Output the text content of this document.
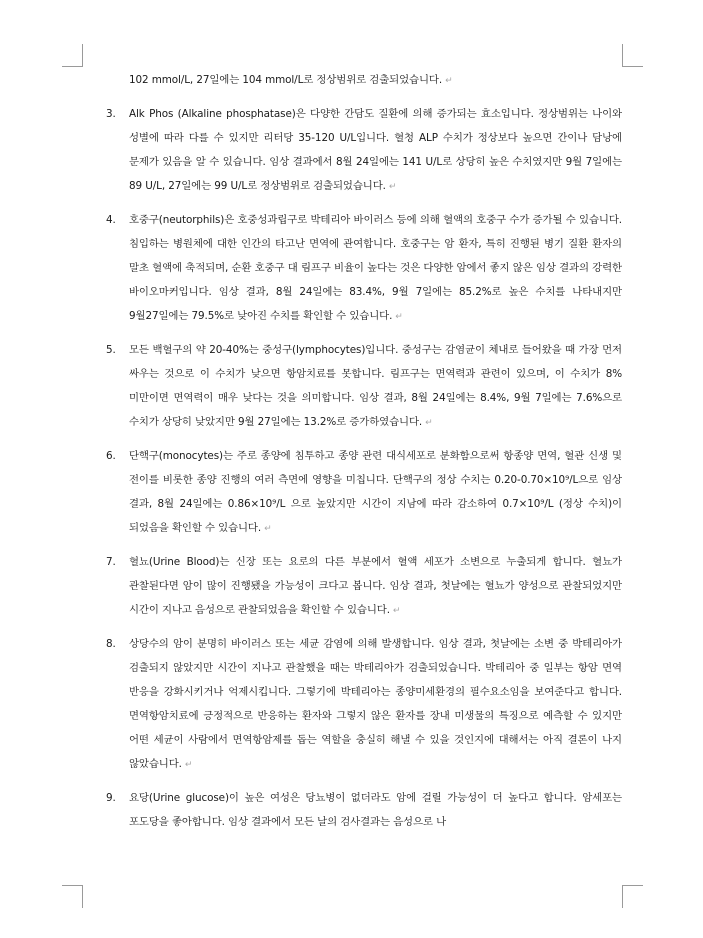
102 mmol/L, 27일에는 104 mmol/L로 정상범위로 검출되었습니다. ↵
3.	Alk Phos (Alkaline phosphatase)은 다양한 간담도 질환에 의해 증가되는 효소입니다. 정상범위는 나이와 성별에 따라 다를 수 있지만 리터당 35-120 U/L입니다. 혈청 ALP 수치가 정상보다 높으면 간이나 담낭에 문제가 있음을 알 수 있습니다. 임상 결과에서 8월 24일에는 141 U/L로 상당히 높은 수치였지만 9월 7일에는 89 U/L, 27일에는 99 U/L로 정상범위로 검출되었습니다. ↵
4.	호중구(neutorphils)은 호중성과립구로 박테리아 바이러스 등에 의해 혈액의 호중구 수가 증가될 수 있습니다. 침입하는 병원체에 대한 인간의 타고난 면역에 관여합니다. 호중구는 암 환자, 특히 진행된 병기 질환 환자의 말초 혈액에 축적되며, 순환 호중구 대 림프구 비율이 높다는 것은 다양한 암에서 좋지 않은 임상 결과의 강력한 바이오마커입니다. 임상 결과, 8월 24일에는 83.4%, 9월 7일에는 85.2%로 높은 수치를 나타내지만 9월27일에는 79.5%로 낮아진 수치를 확인할 수 있습니다. ↵
5.	모든 백혈구의 약 20-40%는 중성구(lymphocytes)입니다. 중성구는 감염균이 체내로 들어왔을 때 가장 먼저 싸우는 것으로 이 수치가 낮으면 항암치료를 못합니다. 림프구는 면역력과 관련이 있으며, 이 수치가 8% 미만이면 면역력이 매우 낮다는 것을 의미합니다. 임상 결과, 8월 24일에는 8.4%, 9월 7일에는 7.6%으로 수치가 상당히 낮았지만 9월 27일에는 13.2%로 증가하였습니다. ↵
6.	단핵구(monocytes)는 주로 종양에 침투하고 종양 관련 대식세포로 분화함으로써 항종양 면역, 혈관 신생 및 전이를 비롯한 종양 진행의 여러 측면에 영향을 미칩니다. 단핵구의 정상 수치는 0.20-0.70×10⁹/L으로 임상 결과, 8월 24일에는 0.86×10⁹/L 으로 높았지만 시간이 지남에 따라 감소하여 0.7×10⁹/L (정상 수치)이 되었음을 확인할 수 있습니다. ↵
7.	혈뇨(Urine Blood)는 신장 또는 요로의 다른 부분에서 혈액 세포가 소변으로 누출되게 합니다. 혈뇨가 관찰된다면 암이 많이 진행됐을 가능성이 크다고 봅니다. 임상 결과, 첫날에는 혈뇨가 양성으로 관찰되었지만 시간이 지나고 음성으로 관찰되었음을 확인할 수 있습니다. ↵
8.	상당수의 암이 분명히 바이러스 또는 세균 감염에 의해 발생합니다. 임상 결과, 첫날에는 소변 중 박테리아가 검출되지 않았지만 시간이 지나고 관찰했을 때는 박테리아가 검출되었습니다. 박테리아 중 일부는 항암 면역 반응을 강화시키거나 억제시킵니다. 그렇기에 박테리아는 종양미세환경의 필수요소임을 보여준다고 합니다. 면역항암치료에 긍정적으로 반응하는 환자와 그렇지 않은 환자를 장내 미생물의 특징으로 예측할 수 있지만 어떤 세균이 사람에서 면역항암제를 돕는 역할을 충실히 해낼 수 있을 것인지에 대해서는 아직 결론이 나지 않았습니다. ↵
9.	요당(Urine glucose)이 높은 여성은 당뇨병이 없더라도 암에 걸릴 가능성이 더 높다고 합니다. 암세포는 포도당을 좋아합니다. 임상 결과에서 모든 날의 검사결과는 음성으로 나
